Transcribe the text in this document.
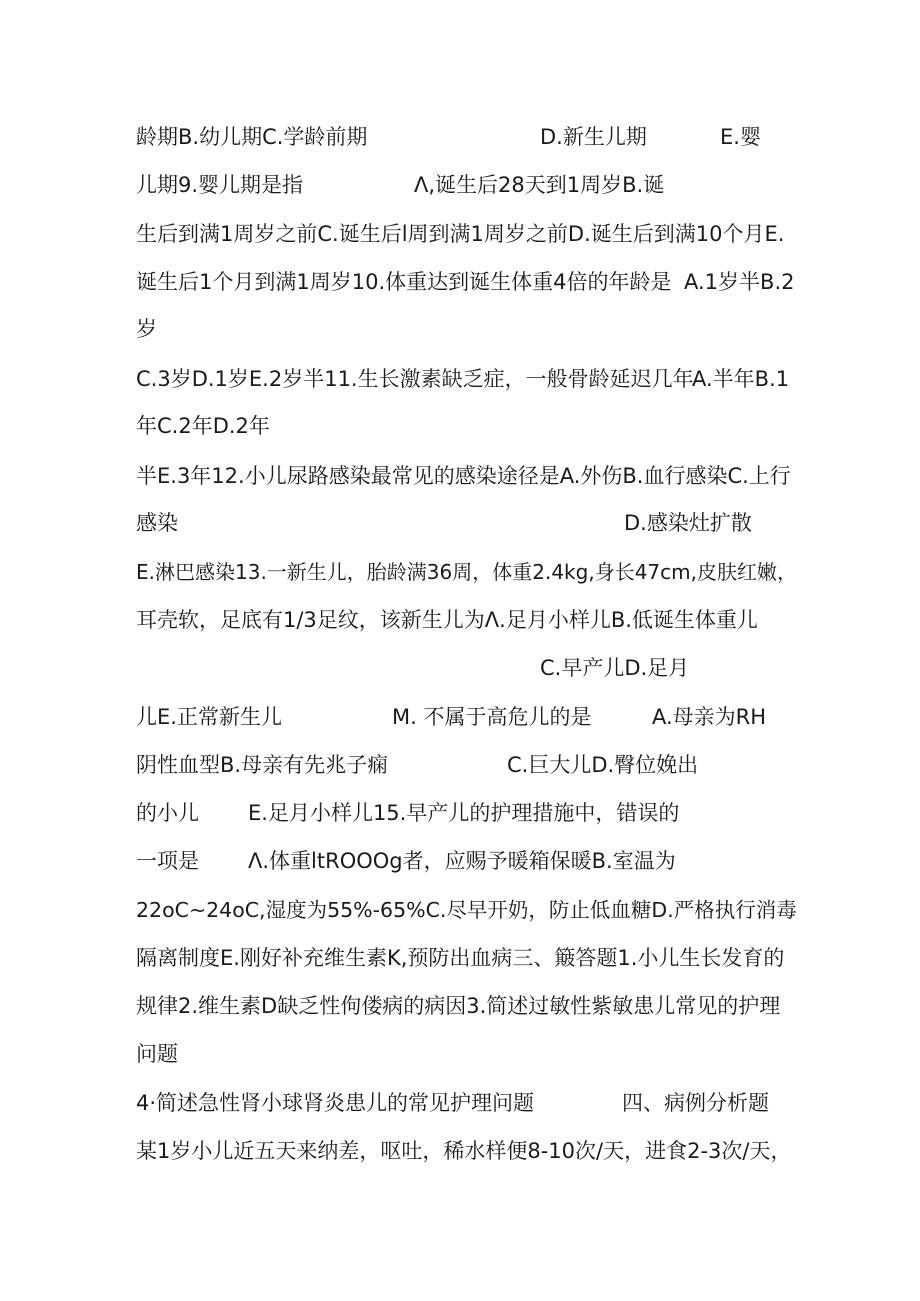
龄期B.幼儿期C.学龄前期	D.新生儿期	E.婴
儿期9.婴儿期是指	Λ,诞生后28天到1周岁B.诞
生后到满1周岁之前C.诞生后l周到满1周岁之前D.诞生后到满10个月E.
诞生后1个月到满1周岁10.体重达到诞生体重4倍的年龄是 A.1岁半B.2
岁
C.3岁D.1岁E.2岁半11.生长激素缺乏症，一般骨龄延迟几年
A.半年B.1
年C.2年D.2年
半E.3年12.小儿尿路感染最常见的感染途径是A.外伤B.血行感染C.上行
感染	D.感染灶扩散
E.淋巴感染13.一新生儿，胎龄满36周，体重2.4kg,身长47cm,皮肤红嫩，
耳壳软，足底有1/3足纹，该新生儿为Λ.足月小样儿B.低诞生体重儿
C.早产儿D.足月
儿E.正常新生儿	M. 不属于高危儿的是	A.母亲为RH
阴性血型B.母亲有先兆子痫	C.巨大儿D.臀位娩出
的小儿 E.足月小样儿15.早产儿的护理措施中，错误的
一项是 Λ.体重ltROOOg者，应赐予暖箱保暖B.室温为
22oC~24oC,湿度为55%-65%C.尽早开奶，防止低血糖D.严格执行消毒
隔离制度E.刚好补充维生素K,预防出血病三、簸答题1.小儿生长发育的
规律2.维生素D缺乏性佝偻病的病因3.简述过敏性紫敏患儿常见的护理
问题
4·简述急性肾小球肾炎患儿的常见护理问题	四、病例分析题
某1岁小儿近五天来纳差，呕吐，稀水样便8-10次/天，进食2-3次/天，
